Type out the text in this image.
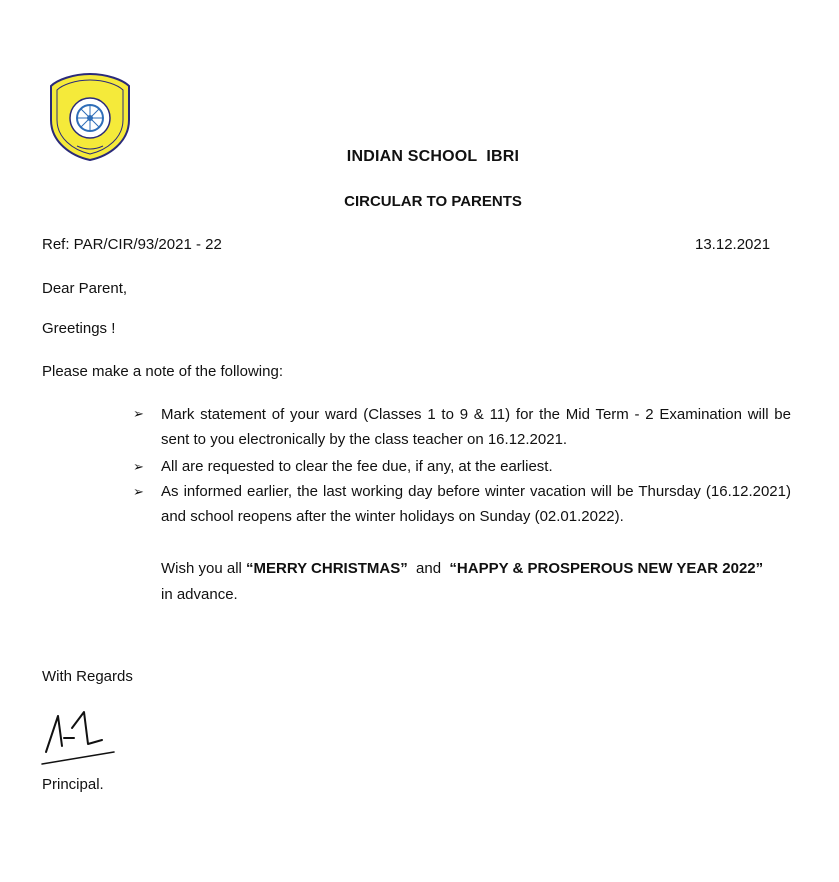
INDIAN SCHOOL  IBRI
CIRCULAR TO PARENTS
Ref: PAR/CIR/93/2021 - 22	13.12.2021
Dear Parent,
Greetings !
Please make a note of the following:
➢ Mark statement of your ward (Classes 1 to 9 & 11) for the Mid Term - 2 Examination will be sent to you electronically by the class teacher on 16.12.2021.
➢ All are requested to clear the fee due, if any, at the earliest.
➢ As informed earlier, the last working day before winter vacation will be Thursday (16.12.2021) and school reopens after the winter holidays on Sunday (02.01.2022).
Wish you all “MERRY CHRISTMAS”  and  “HAPPY & PROSPEROUS NEW YEAR 2022”
in advance.
With Regards
Principal.
